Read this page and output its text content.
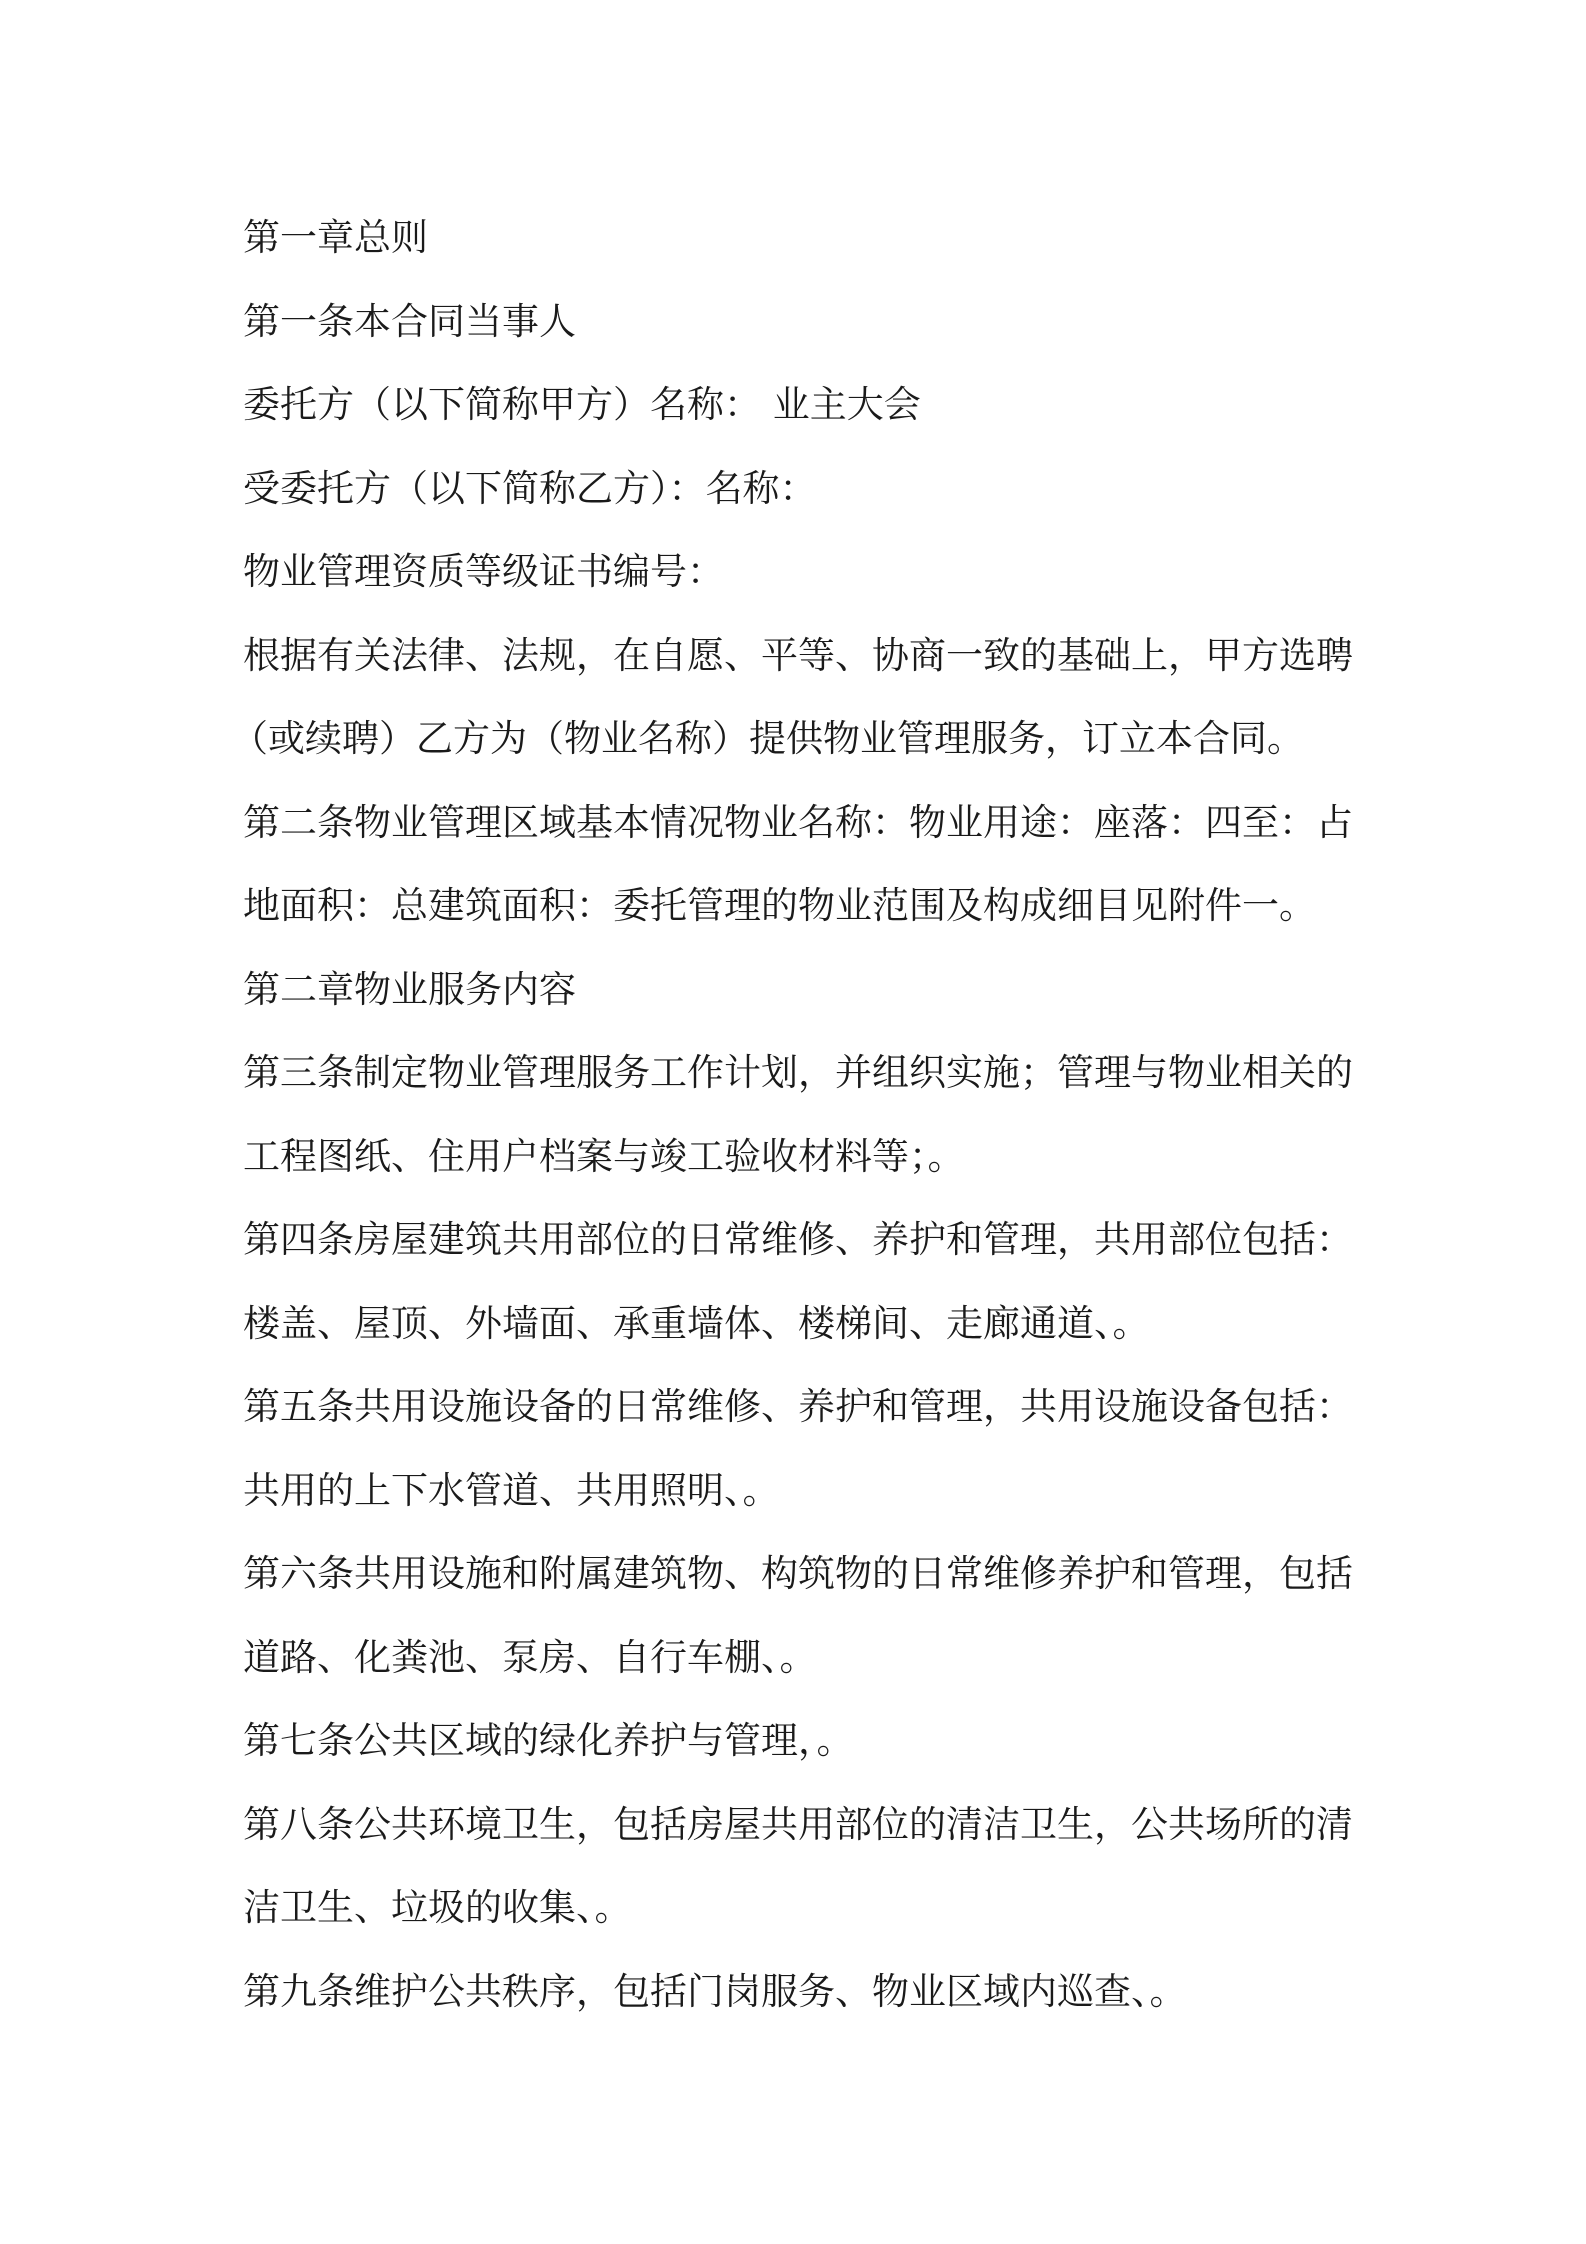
第一章总则
第一条本合同当事人
委托方（以下简称甲方）名称： 业主大会
受委托方（以下简称乙方）：名称：
物业管理资质等级证书编号：
根据有关法律、法规，在自愿、平等、协商一致的基础上，甲方选聘
（或续聘）乙方为（物业名称）提供物业管理服务，订立本合同。
第二条物业管理区域基本情况物业名称：物业用途：座落：四至：占
地面积：总建筑面积：委托管理的物业范围及构成细目见附件一。
第二章物业服务内容
第三条制定物业管理服务工作计划，并组织实施；管理与物业相关的
工程图纸、住用户档案与竣工验收材料等；。
第四条房屋建筑共用部位的日常维修、养护和管理，共用部位包括：
楼盖、屋顶、外墙面、承重墙体、楼梯间、走廊通道、。
第五条共用设施设备的日常维修、养护和管理，共用设施设备包括：
共用的上下水管道、共用照明、。
第六条共用设施和附属建筑物、构筑物的日常维修养护和管理，包括
道路、化粪池、泵房、自行车棚、。
第七条公共区域的绿化养护与管理，。
第八条公共环境卫生，包括房屋共用部位的清洁卫生，公共场所的清
洁卫生、垃圾的收集、。
第九条维护公共秩序，包括门岗服务、物业区域内巡查、。
